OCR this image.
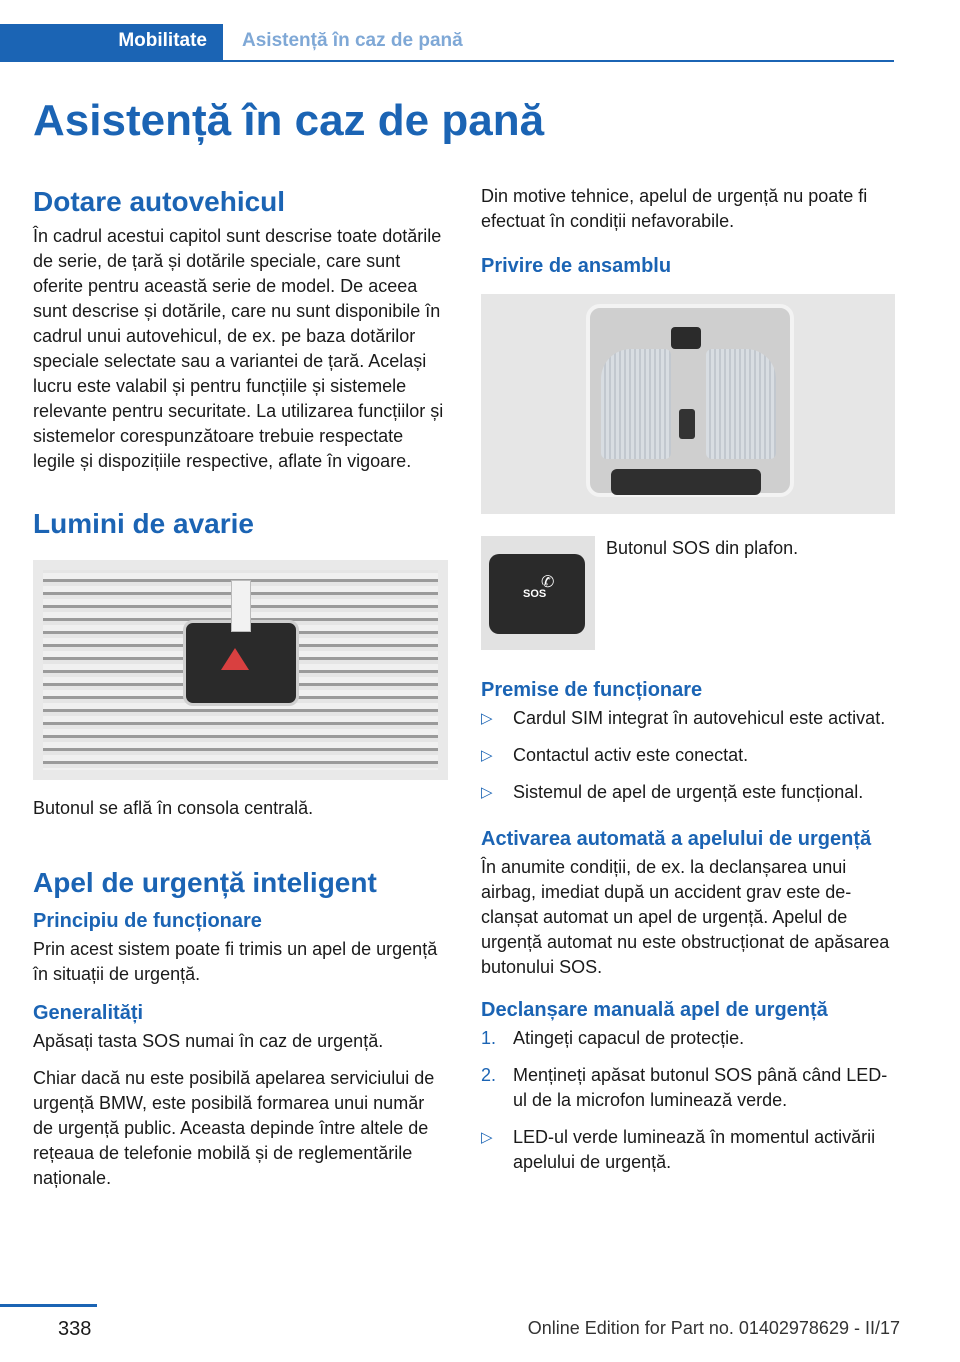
Mobilitate Asistență în caz de pană
Asistență în caz de pană
Dotare autovehicul

În cadrul acestui capitol sunt descrise toate dotările de serie, de țară și dotările speciale, care sunt oferite pentru această serie de model. De aceea sunt descrise și dotările, care nu sunt disponibile în cadrul unui autovehicul, de ex. pe baza dotărilor speciale selectate sau a variantei de țară. Același lucru este valabil și pentru funcțiile și sistemele relevante pentru securitate. La utilizarea funcțiilor și sistemelor corespunzătoare trebuie respectate legile și dispozițiile respective, aflate în vigoare.

Lumini de avarie

Butonul se află în consola centrală.

Apel de urgență inteligent
Principiu de funcționare

Prin acest sistem poate fi trimis un apel de urgență în situații de urgență.

Generalități

Apăsați tasta SOS numai în caz de urgență.

Chiar dacă nu este posibilă apelarea serviciului de urgență BMW, este posibilă formarea unui număr de urgență public. Aceasta depinde între altele de rețeaua de telefonie mobilă și de reglementările naționale.

Din motive tehnice, apelul de urgență nu poate fi efectuat în condiții nefavorabile.

Privire de ansamblu
SOS
✆
Butonul SOS din plafon.
Premise de funcționare
▷ Cardul SIM integrat în autovehicul este activat.
▷ Contactul activ este conectat.
▷ Sistemul de apel de urgență este funcțional.
Activarea automată a apelului de urgență

În anumite condiții, de ex. la declanșarea unui airbag, imediat după un accident grav este declanșat automat un apel de urgență. Apelul de urgență automat nu este obstrucționat de apăsarea butonului SOS.

Declanșare manuală apel de urgență
1. Atingeți capacul de protecție.
2. Mențineți apăsat butonul SOS până când LED-ul de la microfon luminează verde.
▷ LED-ul verde luminează în momentul activării apelului de urgență.
338	Online Edition for Part no. 01402978629 - II/17
